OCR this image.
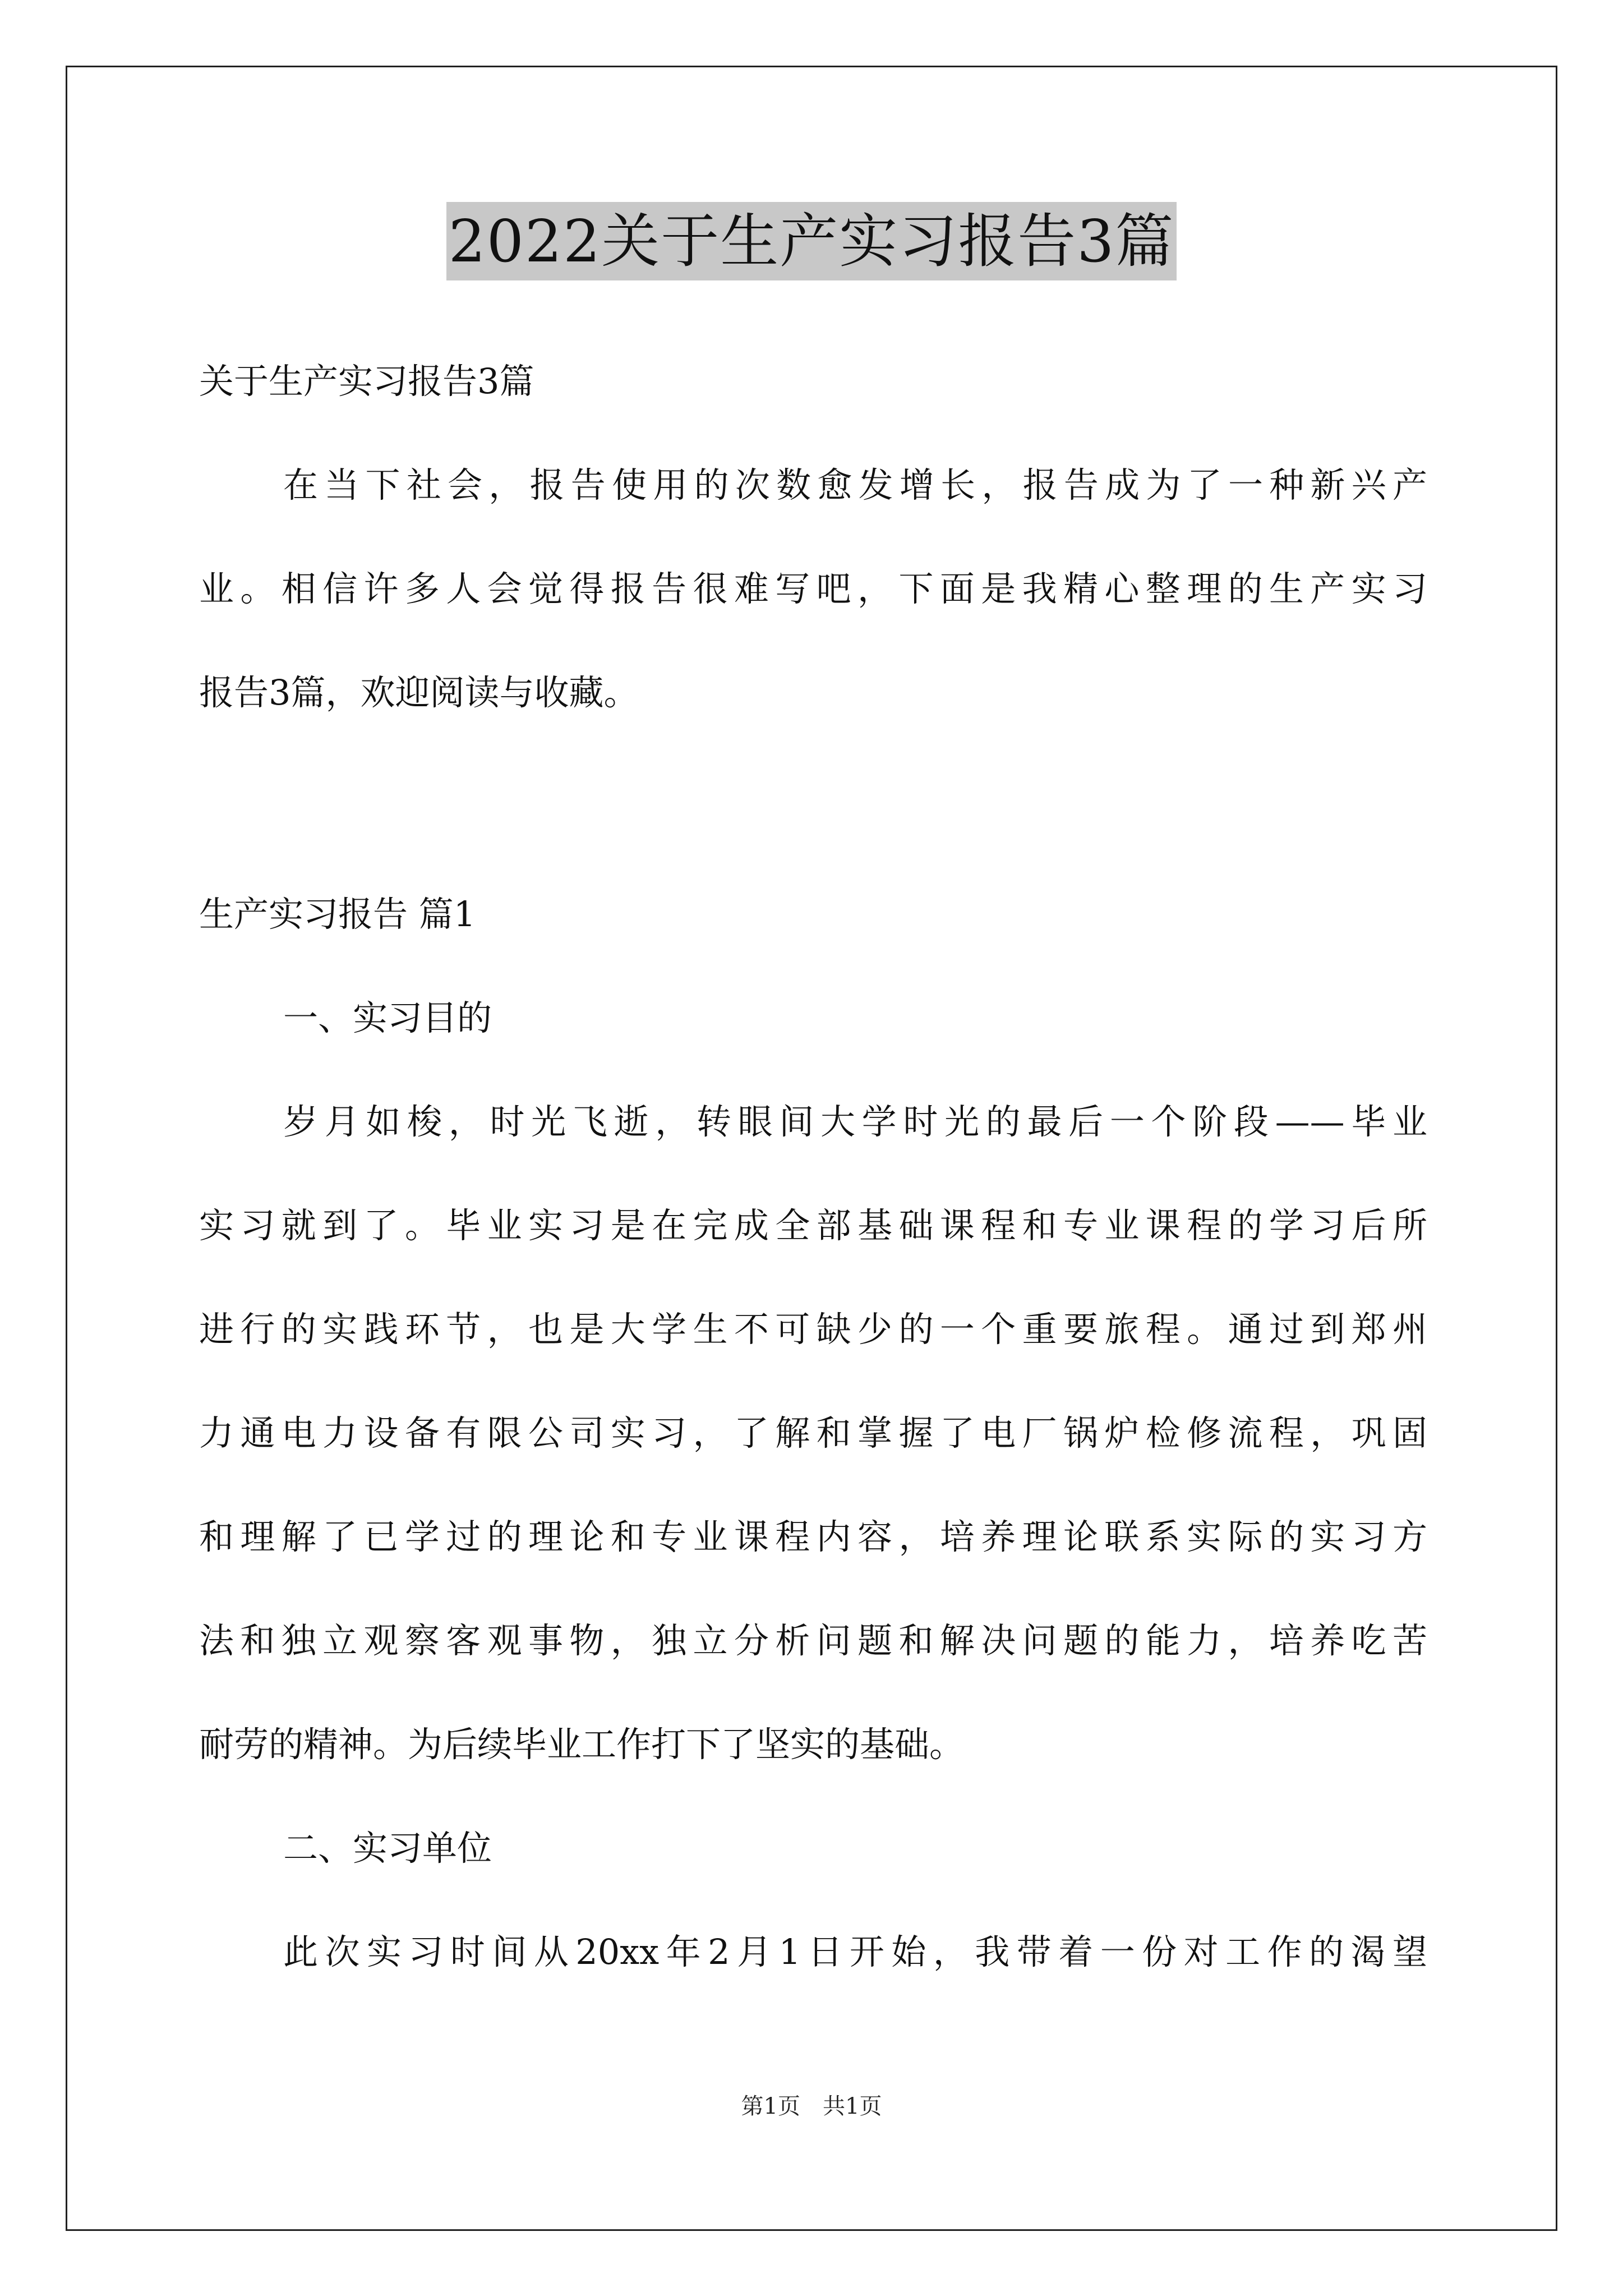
2022关于生产实习报告3篇
关于生产实习报告3篇
在当下社会，报告使用的次数愈发增长，报告成为了一种新兴产
业。相信许多人会觉得报告很难写吧，下面是我精心整理的生产实习
报告3篇，欢迎阅读与收藏。
生产实习报告 篇1
一、实习目的
岁月如梭，时光飞逝，转眼间大学时光的最后一个阶段——毕业
实习就到了。毕业实习是在完成全部基础课程和专业课程的学习后所
进行的实践环节，也是大学生不可缺少的一个重要旅程。通过到郑州
力通电力设备有限公司实习，了解和掌握了电厂锅炉检修流程，巩固
和理解了已学过的理论和专业课程内容，培养理论联系实际的实习方
法和独立观察客观事物，独立分析问题和解决问题的能力，培养吃苦
耐劳的精神。为后续毕业工作打下了坚实的基础。
二、实习单位
此次实习时间从20xx年2月1日开始，我带着一份对工作的渴望
第1页　共1页
